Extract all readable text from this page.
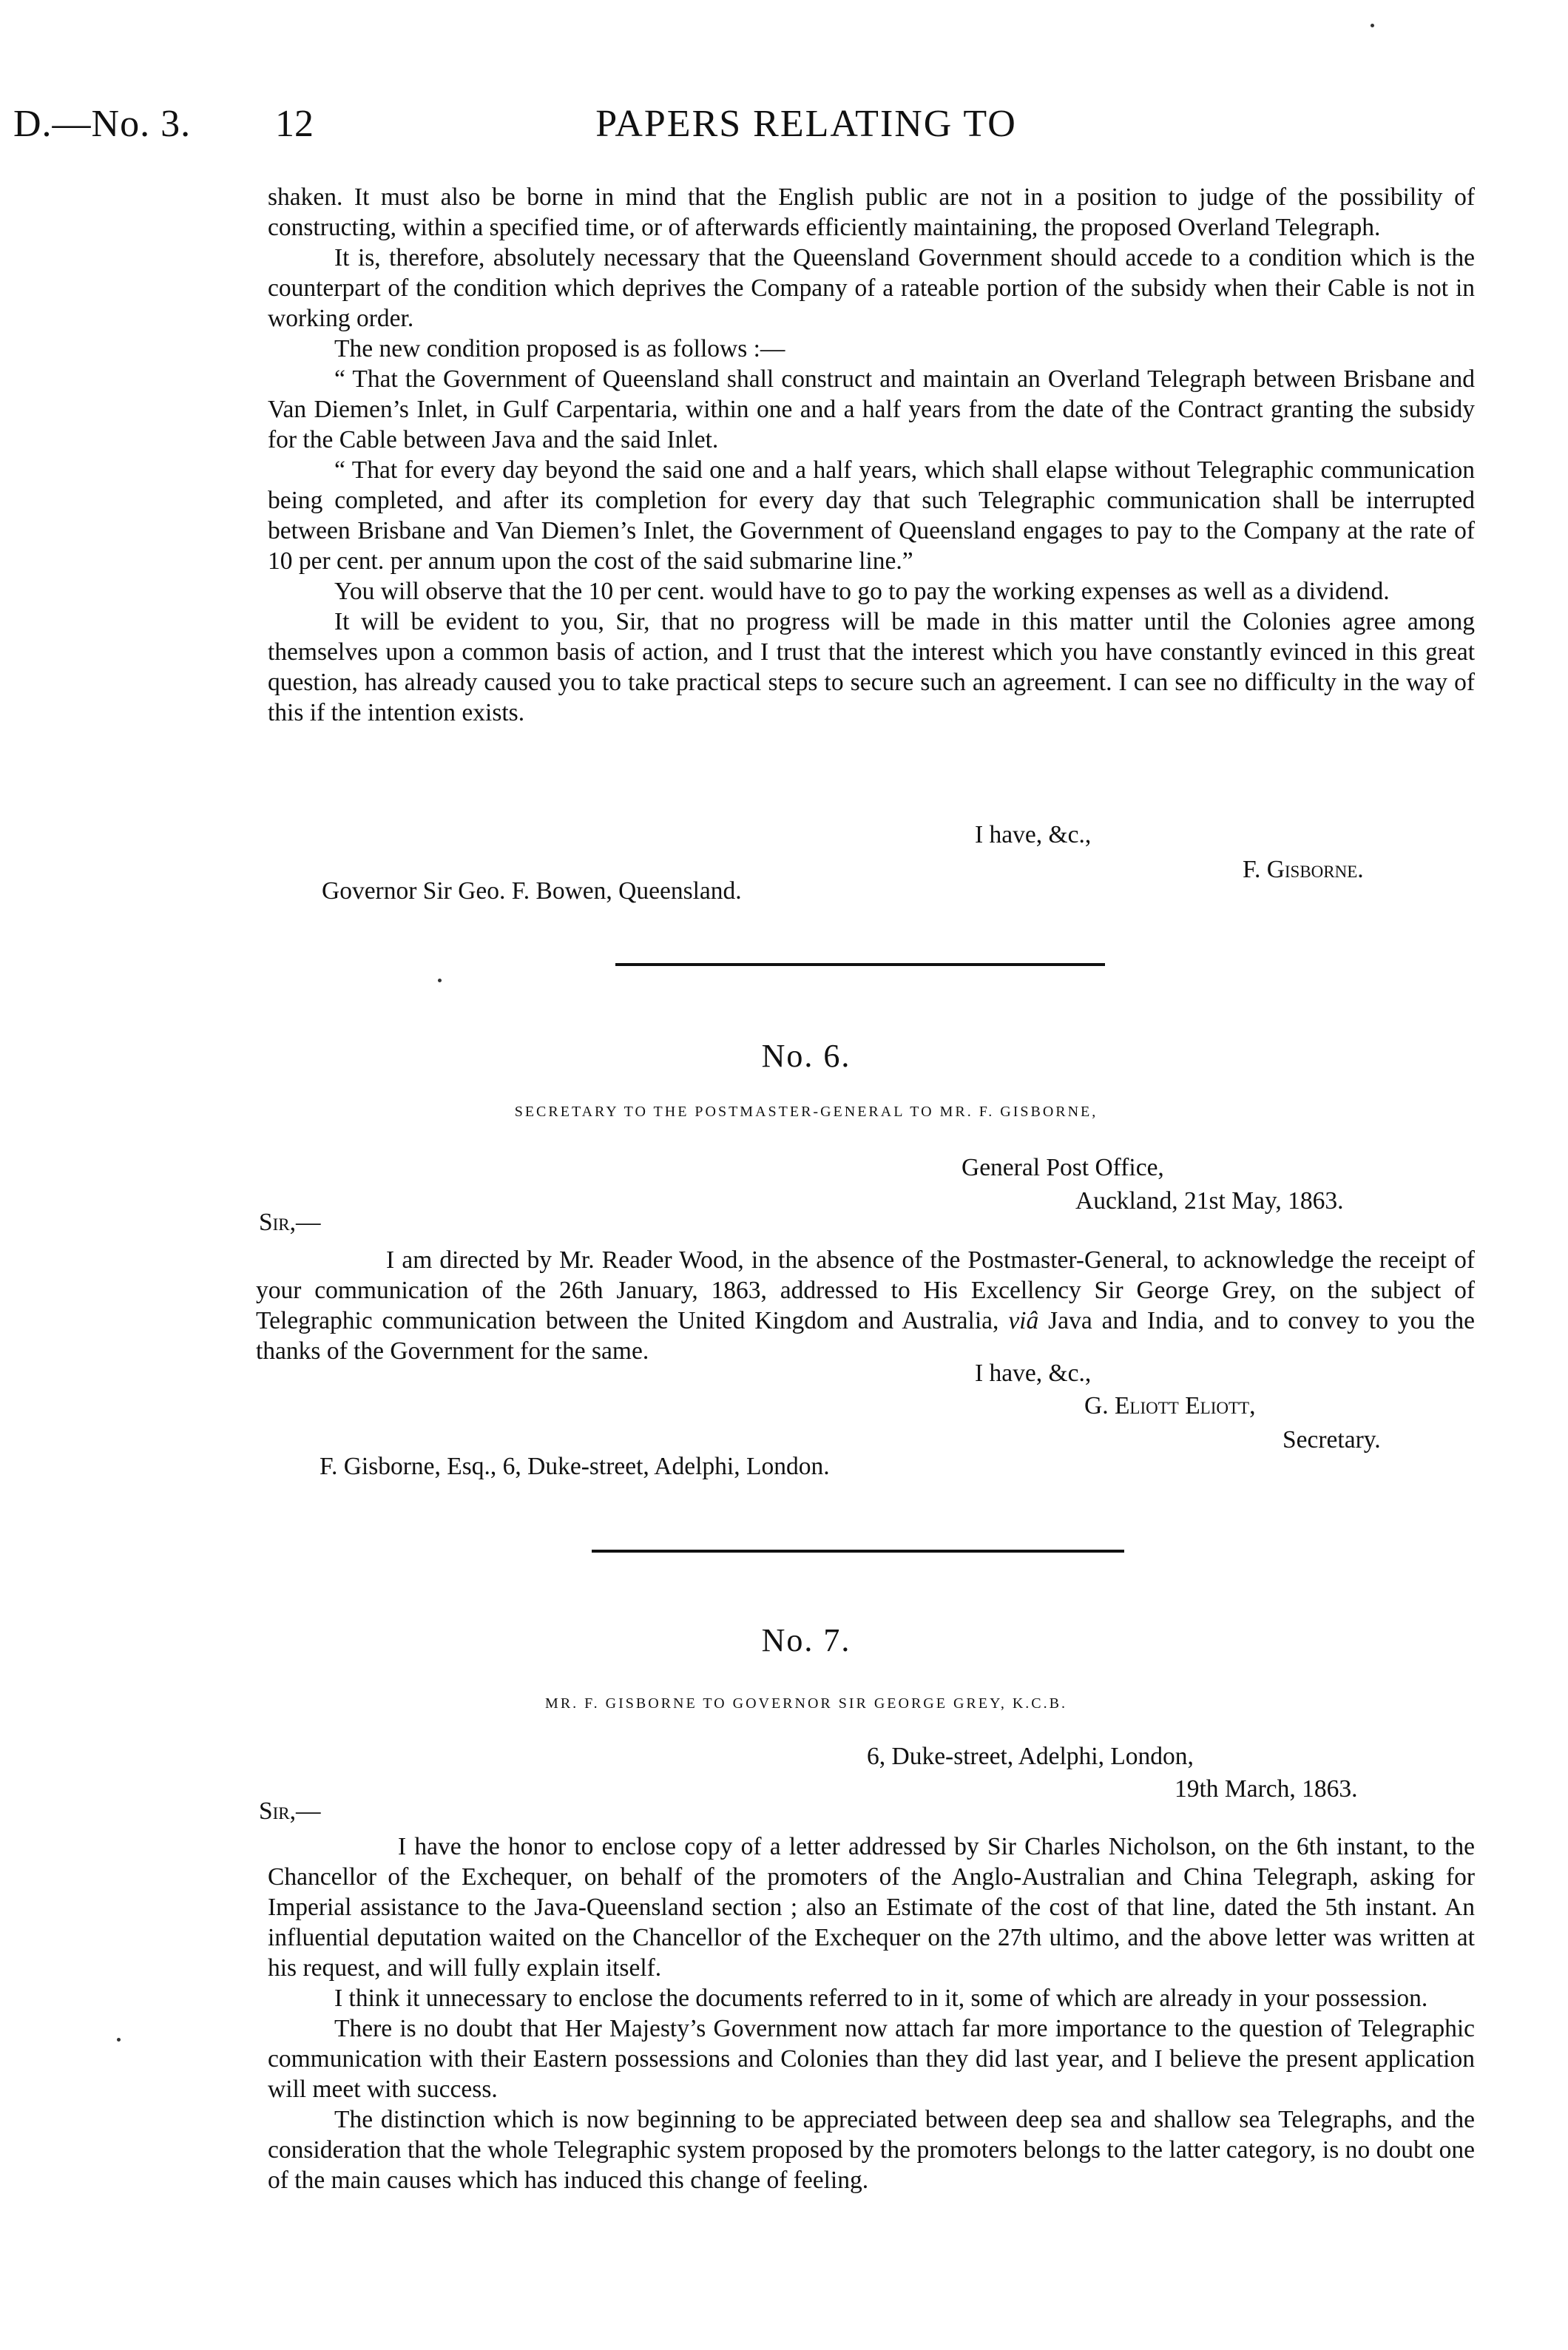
D.—No. 3. 12	PAPERS RELATING TO

shaken. It must also be borne in mind that the English public are not in a position to judge of the possibility of constructing, within a specified time, or of afterwards efficiently maintaining, the proposed Overland Telegraph.

It is, therefore, absolutely necessary that the Queensland Government should accede to a condition which is the counterpart of the condition which deprives the Company of a rateable portion of the subsidy when their Cable is not in working order.

The new condition proposed is as follows :—

“ That the Government of Queensland shall construct and maintain an Overland Telegraph between Brisbane and Van Diemen’s Inlet, in Gulf Carpentaria, within one and a half years from the date of the Contract granting the subsidy for the Cable between Java and the said Inlet.

“ That for every day beyond the said one and a half years, which shall elapse without Telegraphic communication being completed, and after its completion for every day that such Telegraphic communication shall be interrupted between Brisbane and Van Diemen’s Inlet, the Government of Queensland engages to pay to the Company at the rate of 10 per cent. per annum upon the cost of the said submarine line.”

You will observe that the 10 per cent. would have to go to pay the working expenses as well as a dividend.

It will be evident to you, Sir, that no progress will be made in this matter until the Colonies agree among themselves upon a common basis of action, and I trust that the interest which you have constantly evinced in this great question, has already caused you to take practical steps to secure such an agreement. I can see no difficulty in the way of this if the intention exists.

I have, &c.,
F. Gisborne.
Governor Sir Geo. F. Bowen, Queensland.
No. 6.
SECRETARY TO THE POSTMASTER-GENERAL TO MR. F. GISBORNE,
General Post Office,
Auckland, 21st May, 1863.
Sir,—

I am directed by Mr. Reader Wood, in the absence of the Postmaster-General, to acknowledge the receipt of your communication of the 26th January, 1863, addressed to His Excellency Sir George Grey, on the subject of Telegraphic communication between the United Kingdom and Australia, viâ Java and India, and to convey to you the thanks of the Government for the same.

I have, &c.,
G. Eliott Eliott,
Secretary.
F. Gisborne, Esq., 6, Duke-street, Adelphi, London.
No. 7.
MR. F. GISBORNE TO GOVERNOR SIR GEORGE GREY, K.C.B.
6, Duke-street, Adelphi, London,
19th March, 1863.
Sir,—

I have the honor to enclose copy of a letter addressed by Sir Charles Nicholson, on the 6th instant, to the Chancellor of the Exchequer, on behalf of the promoters of the Anglo-Australian and China Telegraph, asking for Imperial assistance to the Java-Queensland section ; also an Estimate of the cost of that line, dated the 5th instant. An influential deputation waited on the Chancellor of the Exchequer on the 27th ultimo, and the above letter was written at his request, and will fully explain itself.

I think it unnecessary to enclose the documents referred to in it, some of which are already in your possession.

There is no doubt that Her Majesty’s Government now attach far more importance to the question of Telegraphic communication with their Eastern possessions and Colonies than they did last year, and I believe the present application will meet with success.

The distinction which is now beginning to be appreciated between deep sea and shallow sea Telegraphs, and the consideration that the whole Telegraphic system proposed by the promoters belongs to the latter category, is no doubt one of the main causes which has induced this change of feeling.
